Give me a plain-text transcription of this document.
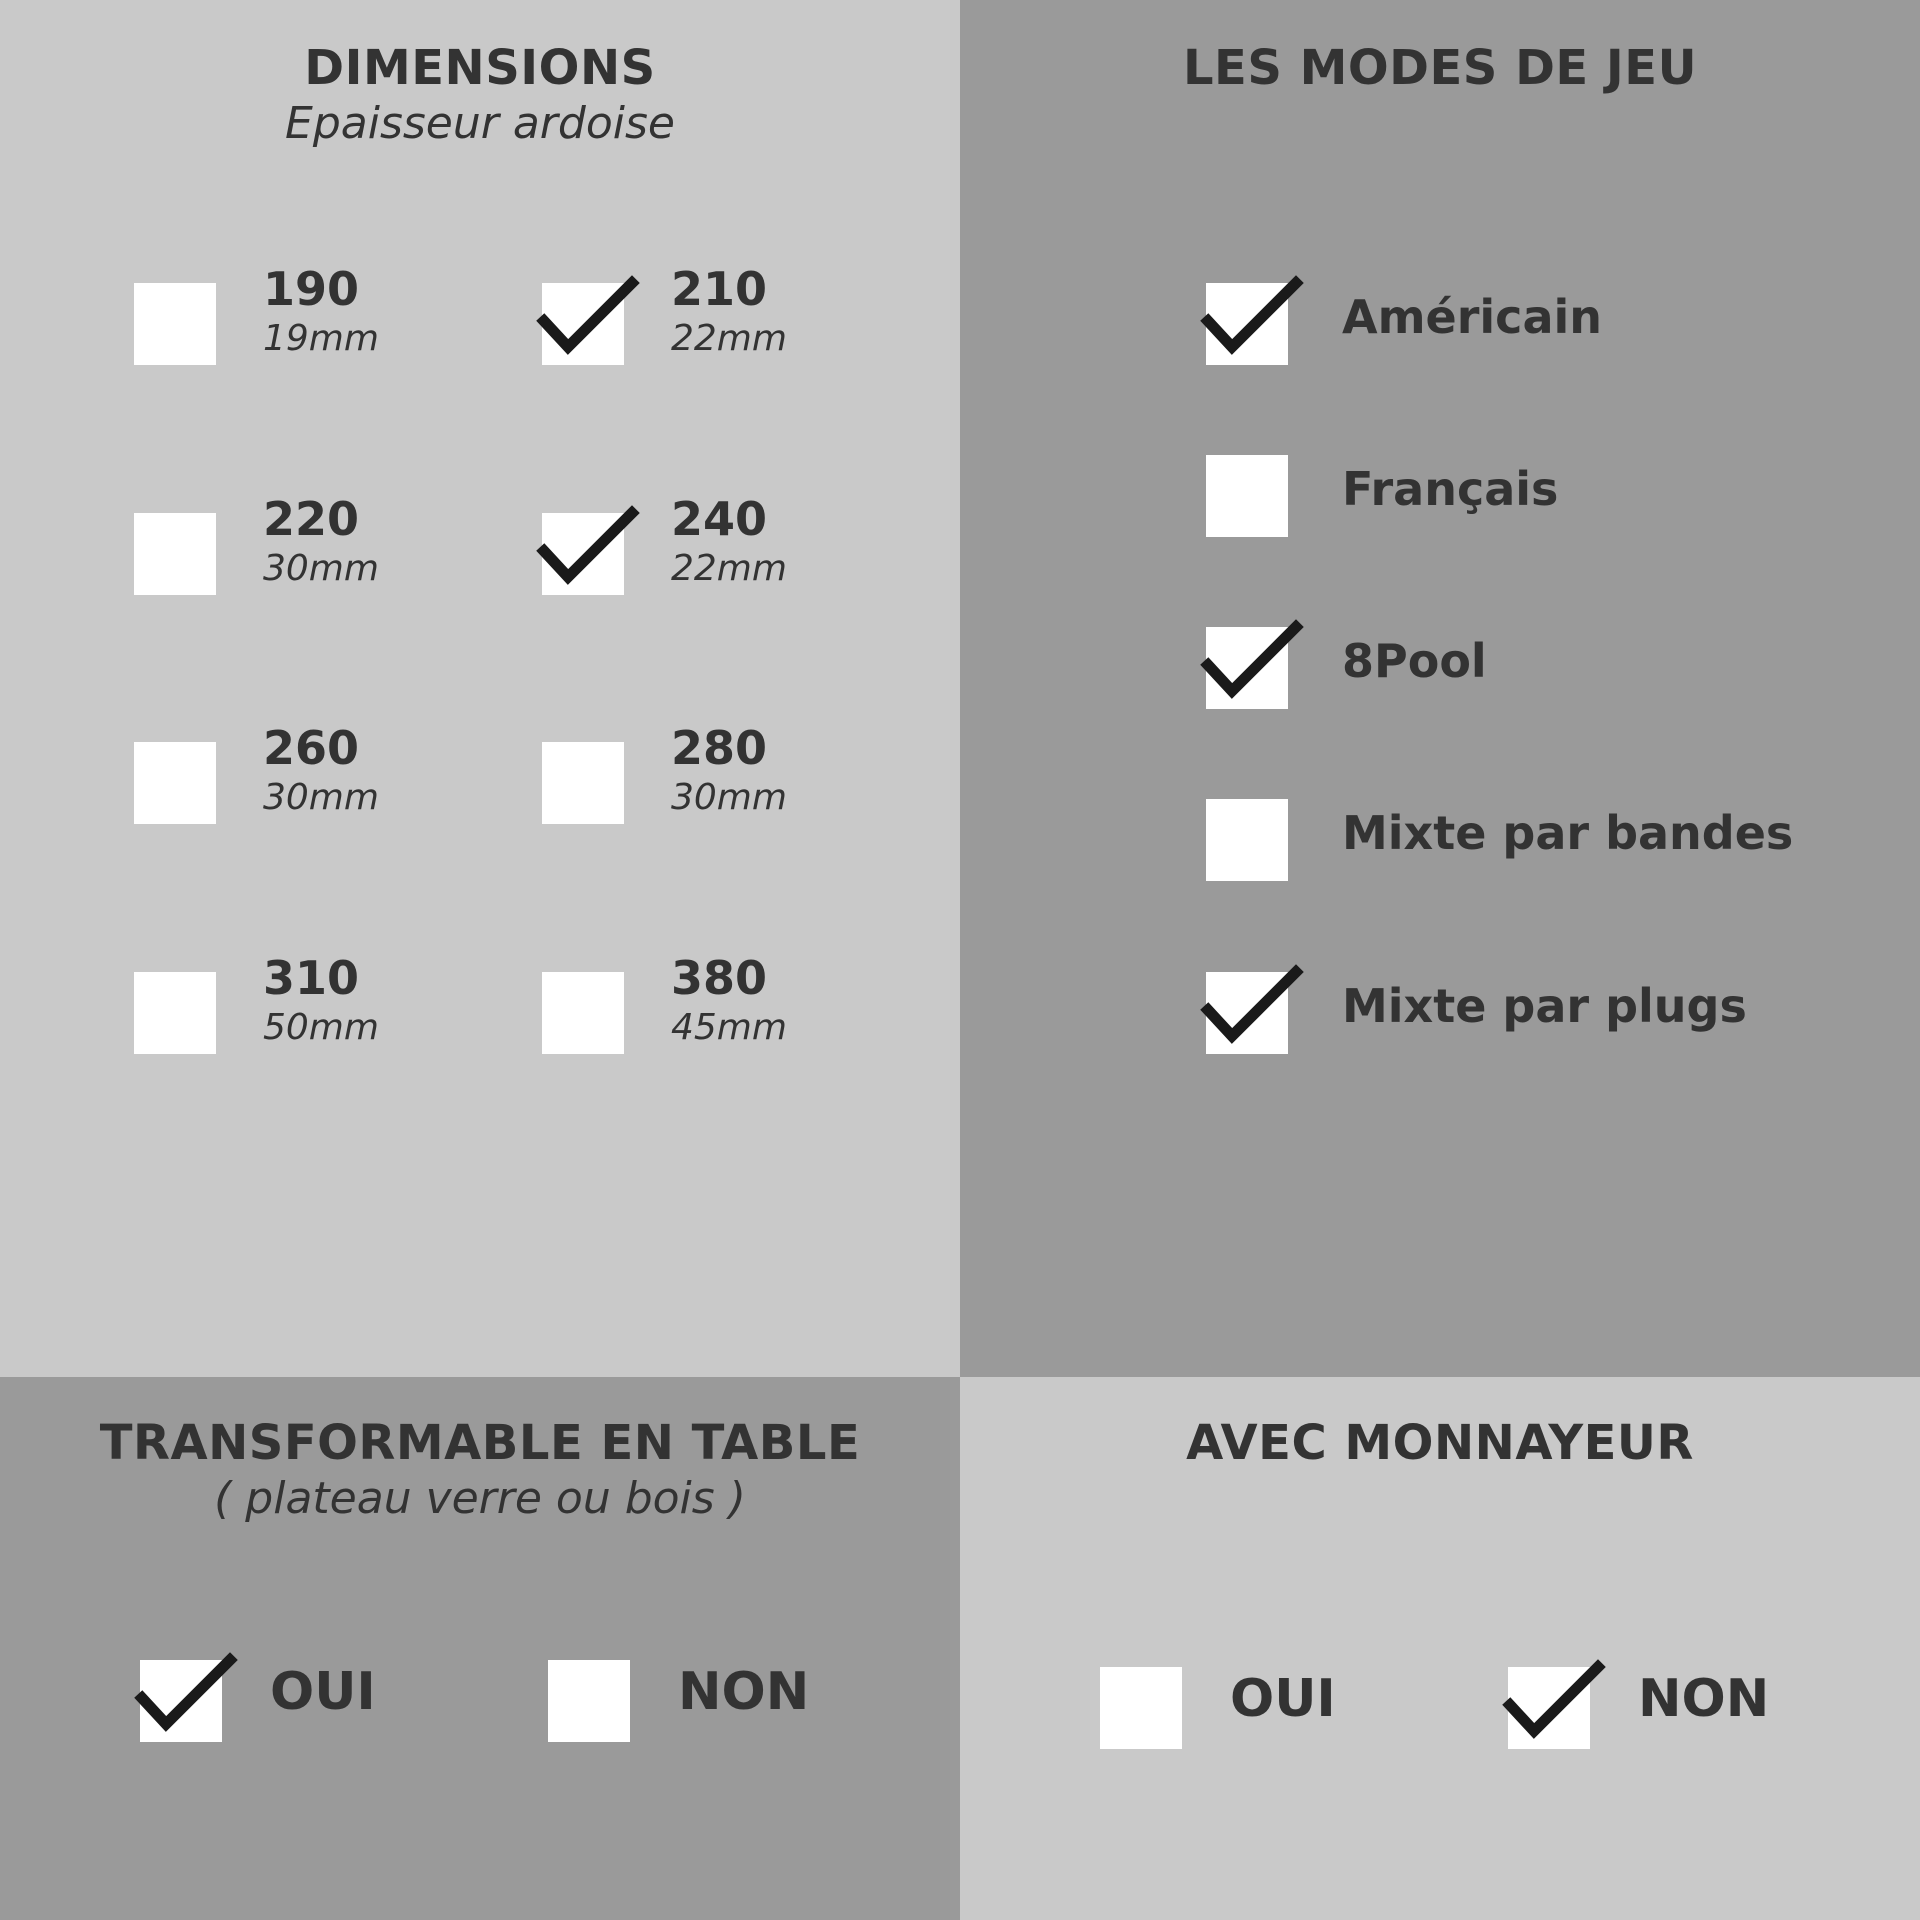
DIMENSIONS
Epaisseur ardoise
190
19mm
210
22mm
220
30mm
240
22mm
260
30mm
280
30mm
310
50mm
380
45mm
LES MODES DE JEU
Américain
Français
8Pool
Mixte par bandes
Mixte par plugs
TRANSFORMABLE EN TABLE
( plateau verre ou bois )
OUI	NON
AVEC MONNAYEUR
OUI	NON
